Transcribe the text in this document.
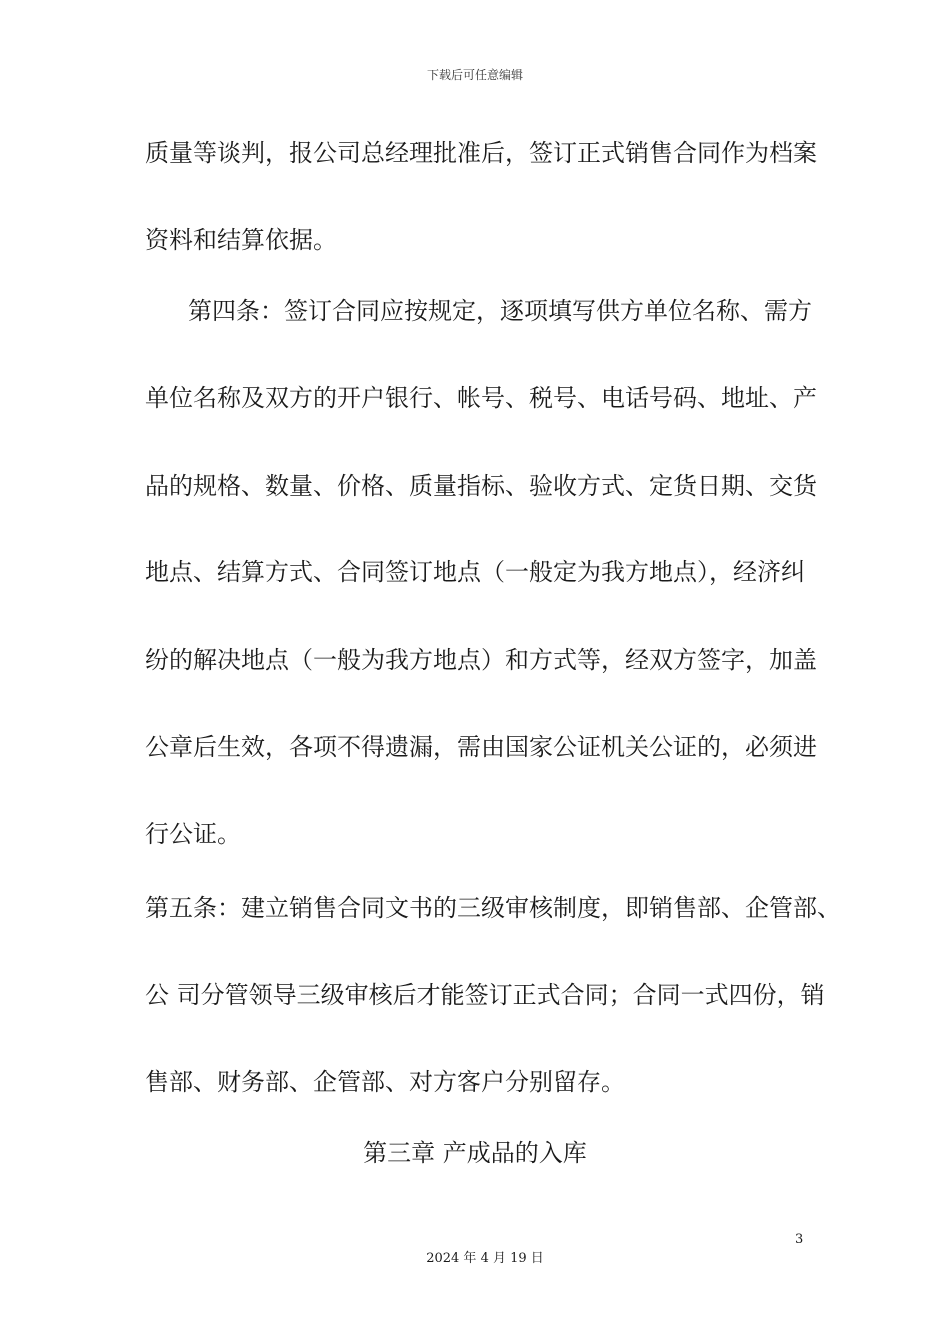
下载后可任意编辑
质量等谈判，报公司总经理批准后，签订正式销售合同作为档案
资料和结算依据。
第四条：签订合同应按规定，逐项填写供方单位名称、需方
单位名称及双方的开户银行、帐号、税号、电话号码、地址、产
品的规格、数量、价格、质量指标、验收方式、定货日期、交货
地点、结算方式、合同签订地点（一般定为我方地点），经济纠
纷的解决地点（一般为我方地点）和方式等，经双方签字，加盖
公章后生效，各项不得遗漏，需由国家公证机关公证的，必须进
行公证。
第五条：建立销售合同文书的三级审核制度，即销售部、企管部、
公 司分管领导三级审核后才能签订正式合同；合同一式四份，销
售部、财务部、企管部、对方客户分别留存。
第三章 产成品的入库
3
2024 年 4 月 19 日
